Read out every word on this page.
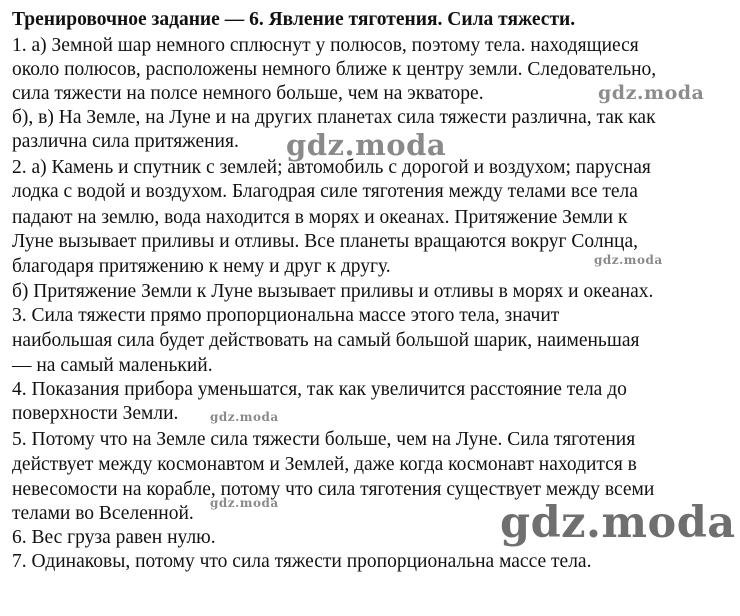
Тренировочное задание — 6. Явление тяготения. Сила тяжести.
1. а) Земной шар немного сплюснут у полюсов, поэтому тела. находящиеся
около полюсов, расположены немного ближе к центру земли. Следовательно,
сила тяжести на полсе немного больше, чем на экваторе.
б), в) На Земле, на Луне и на других планетах сила тяжести различна, так как
различна сила притяжения.
2. а) Камень и спутник с землей; автомобиль с дорогой и воздухом; парусная
лодка с водой и воздухом. Благодрая силе тяготения между телами все тела
падают на землю, вода находится в морях и океанах. Притяжение Земли к
Луне вызывает приливы и отливы. Все планеты вращаются вокруг Солнца,
благодаря притяжению к нему и друг к другу.
б) Притяжение Земли к Луне вызывает приливы и отливы в морях и океанах.
3. Сила тяжести прямо пропорциональна массе этого тела, значит
наибольшая сила будет действовать на самый большой шарик, наименьшая
— на самый маленький.
4. Показания прибора уменьшатся, так как увеличится расстояние тела до
поверхности Земли.
5. Потому что на Земле сила тяжести больше, чем на Луне. Сила тяготения
действует между космонавтом и Землей, даже когда космонавт находится в
невесомости на корабле, потому что сила тяготения существует между всеми
телами во Вселенной.
6. Вес груза равен нулю.
7. Одинаковы, потому что сила тяжести пропорциональна массе тела.
gdz.moda
gdz.moda
gdz.moda
gdz.moda
gdz.moda	gdz.moda
